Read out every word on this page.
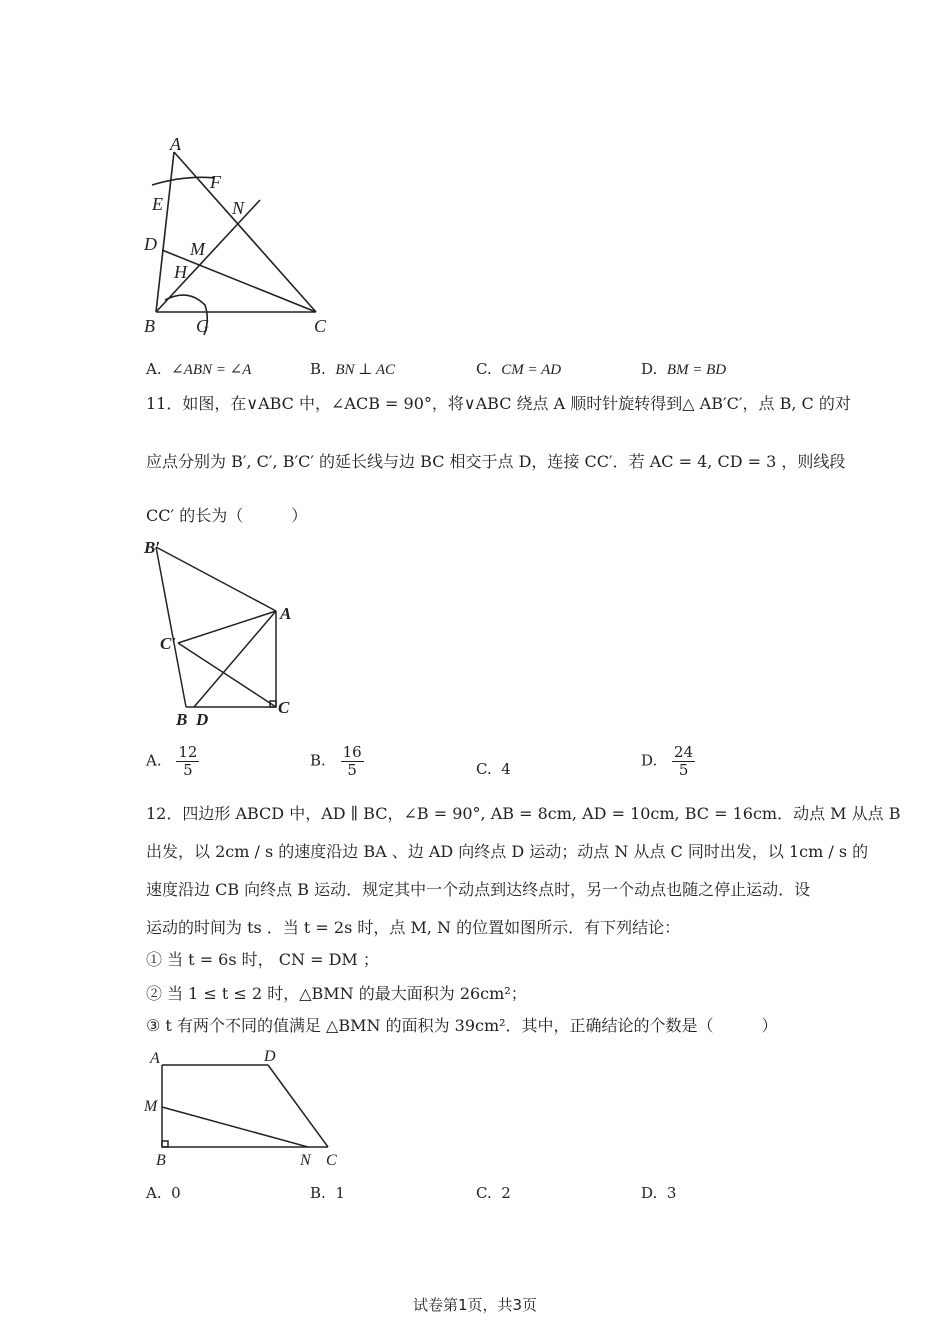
A
F
E	N
D M
H
B G	C
A. ∠ABN = ∠A	B. BN ⊥ AC	C. CM = AD	D. BM = BD
11．如图，在∨ABC 中，∠ACB = 90°，将∨ABC 绕点 A 顺时针旋转得到△ AB′C′，点 B, C 的对
应点分别为 B′, C′, B′C′ 的延长线与边 BC 相交于点 D，连接 CC′．若 AC = 4, CD = 3 ，则线段
CC′ 的长为（　　　）
B′
A
C′
B D
C
A. $\frac{12}{5}$	B. $\frac{16}{5}$	C. 4	D. $\frac{24}{5}$
12．四边形 ABCD 中，AD ∥ BC，∠B = 90°, AB = 8cm, AD = 10cm, BC = 16cm．动点 M 从点 B
出发，以 2cm / s 的速度沿边 BA 、边 AD 向终点 D 运动；动点 N 从点 C 同时出发，以 1cm / s 的
速度沿边 CB 向终点 B 运动．规定其中一个动点到达终点时，另一个动点也随之停止运动．设
运动的时间为 ts ．当 t = 2s 时，点 M, N 的位置如图所示．有下列结论：
① 当 t = 6s 时， CN = DM ；
② 当 1 ≤ t ≤ 2 时，△BMN 的最大面积为 26cm²；
③ t 有两个不同的值满足 △BMN 的面积为 39cm²．其中，正确结论的个数是（　　　）
A	D
M
B	N C
A. 0	B. 1	C. 2	D. 3
试卷第1页，共3页
